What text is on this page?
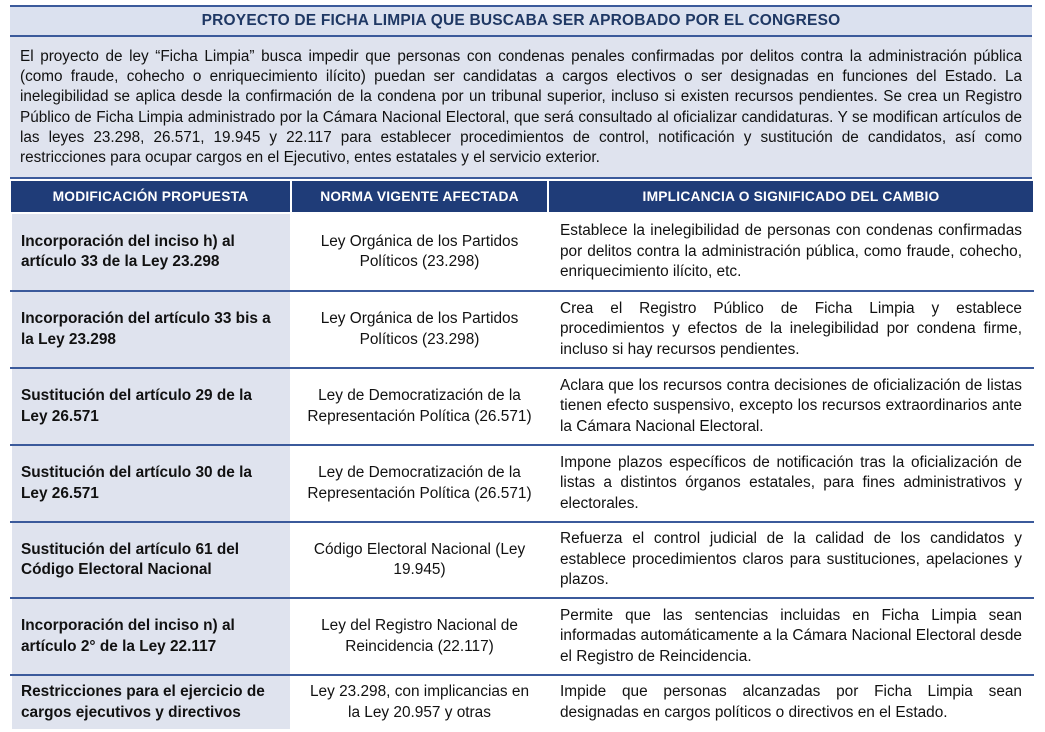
PROYECTO DE FICHA LIMPIA QUE BUSCABA SER APROBADO POR EL CONGRESO
El proyecto de ley “Ficha Limpia” busca impedir que personas con condenas penales confirmadas por delitos contra la administración pública (como fraude, cohecho o enriquecimiento ilícito) puedan ser candidatas a cargos electivos o ser designadas en funciones del Estado. La inelegibilidad se aplica desde la confirmación de la condena por un tribunal superior, incluso si existen recursos pendientes. Se crea un Registro Público de Ficha Limpia administrado por la Cámara Nacional Electoral, que será consultado al oficializar candidaturas. Y se modifican artículos de las leyes 23.298, 26.571, 19.945 y 22.117 para establecer procedimientos de control, notificación y sustitución de candidatos, así como restricciones para ocupar cargos en el Ejecutivo, entes estatales y el servicio exterior.
MODIFICACIÓN PROPUESTA	NORMA VIGENTE AFECTADA	IMPLICANCIA O SIGNIFICADO DEL CAMBIO
Incorporación del inciso h) al artículo 33 de la Ley 23.298	Ley Orgánica de los Partidos Políticos (23.298)	Establece la inelegibilidad de personas con condenas confirmadas por delitos contra la administración pública, como fraude, cohecho, enriquecimiento ilícito, etc.
Incorporación del artículo 33 bis a la Ley 23.298	Ley Orgánica de los Partidos Políticos (23.298)	Crea el Registro Público de Ficha Limpia y establece procedimientos y efectos de la inelegibilidad por condena firme, incluso si hay recursos pendientes.
Sustitución del artículo 29 de la Ley 26.571	Ley de Democratización de la Representación Política (26.571)	Aclara que los recursos contra decisiones de oficialización de listas tienen efecto suspensivo, excepto los recursos extraordinarios ante la Cámara Nacional Electoral.
Sustitución del artículo 30 de la Ley 26.571	Ley de Democratización de la Representación Política (26.571)	Impone plazos específicos de notificación tras la oficialización de listas a distintos órganos estatales, para fines administrativos y electorales.
Sustitución del artículo 61 del Código Electoral Nacional	Código Electoral Nacional (Ley 19.945)	Refuerza el control judicial de la calidad de los candidatos y establece procedimientos claros para sustituciones, apelaciones y plazos.
Incorporación del inciso n) al artículo 2° de la Ley 22.117	Ley del Registro Nacional de Reincidencia (22.117)	Permite que las sentencias incluidas en Ficha Limpia sean informadas automáticamente a la Cámara Nacional Electoral desde el Registro de Reincidencia.
Restricciones para el ejercicio de cargos ejecutivos y directivos	Ley 23.298, con implicancias en la Ley 20.957 y otras	Impide que personas alcanzadas por Ficha Limpia sean designadas en cargos políticos o directivos en el Estado.
